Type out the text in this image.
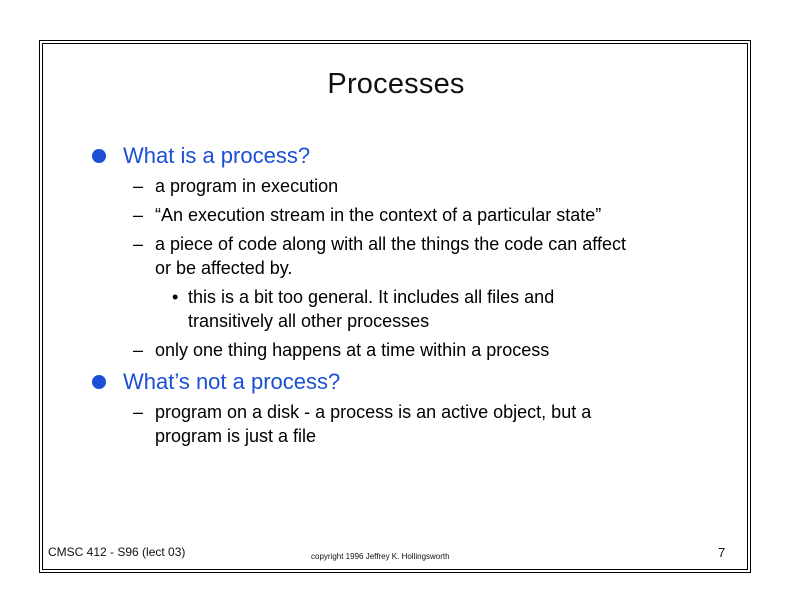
Processes
What is a process?
– a program in execution
– “An execution stream in the context of a particular state”
– a piece of code along with all the things the code can affect
or be affected by.
• this is a bit too general. It includes all files and
transitively all other processes
– only one thing happens at a time within a process
What’s not a process?
– program on a disk - a process is an active object, but a
program is just a file
CMSC 412 - S96 (lect 03)	copyright 1996 Jeffrey K. Hollingsworth	7
